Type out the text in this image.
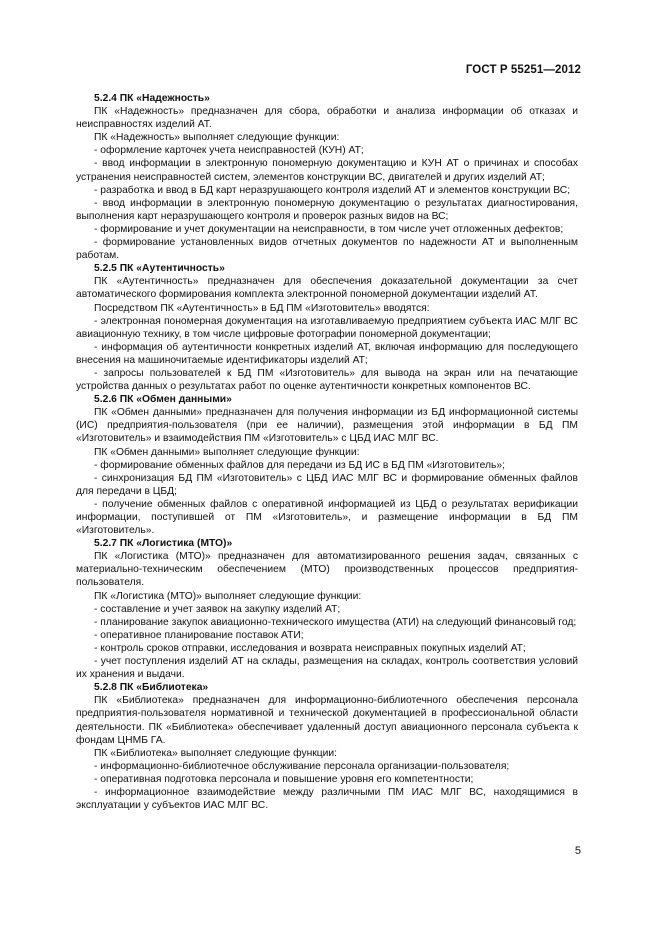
ГОСТ Р 55251—2012
5.2.4 ПК «Надежность»

ПК «Надежность» предназначен для сбора, обработки и анализа информации об отказах и неисправностях изделий АТ.

ПК «Надежность» выполняет следующие функции:

- оформление карточек учета неисправностей (КУН) АТ;

- ввод информации в электронную пономерную документацию и КУН АТ о причинах и способах устранения неисправностей систем, элементов конструкции ВС, двигателей и других изделий АТ;

- разработка и ввод в БД карт неразрушающего контроля изделий АТ и элементов конструкции ВС;

- ввод информации в электронную пономерную документацию о результатах диагностирования, выполнения карт неразрушающего контроля и проверок разных видов на ВС;

- формирование и учет документации на неисправности, в том числе учет отложенных дефектов;

- формирование установленных видов отчетных документов по надежности АТ и выполненным работам.

5.2.5 ПК «Аутентичность»

ПК «Аутентичность» предназначен для обеспечения доказательной документации за счет автоматического формирования комплекта электронной пономерной документации изделий АТ.

Посредством ПК «Аутентичность» в БД ПМ «Изготовитель» вводятся:

- электронная пономерная документация на изготавливаемую предприятием субъекта ИАС МЛГ ВС авиационную технику, в том числе цифровые фотографии пономерной документации;

- информация об аутентичности конкретных изделий АТ, включая информацию для последующего внесения на машиночитаемые идентификаторы изделий АТ;

- запросы пользователей к БД ПМ «Изготовитель» для вывода на экран или на печатающие устройства данных о результатах работ по оценке аутентичности конкретных компонентов ВС.

5.2.6 ПК «Обмен данными»

ПК «Обмен данными» предназначен для получения информации из БД информационной системы (ИС) предприятия-пользователя (при ее наличии), размещения этой информации в БД ПМ «Изготовитель» и взаимодействия ПМ «Изготовитель» с ЦБД ИАС МЛГ ВС.

ПК «Обмен данными» выполняет следующие функции:

- формирование обменных файлов для передачи из БД ИС в БД ПМ «Изготовитель»;

- синхронизация БД ПМ «Изготовитель» с ЦБД ИАС МЛГ ВС и формирование обменных файлов для передачи в ЦБД;

- получение обменных файлов с оперативной информацией из ЦБД о результатах верификации информации, поступившей от ПМ «Изготовитель», и размещение информации в БД ПМ «Изготовитель».

5.2.7 ПК «Логистика (МТО)»

ПК «Логистика (МТО)» предназначен для автоматизированного решения задач, связанных с материально-техническим обеспечением (МТО) производственных процессов предприятия-пользователя.

ПК «Логистика (МТО)» выполняет следующие функции:

- составление и учет заявок на закупку изделий АТ;

- планирование закупок авиационно-технического имущества (АТИ) на следующий финансовый год;

- оперативное планирование поставок АТИ;

- контроль сроков отправки, исследования и возврата неисправных покупных изделий АТ;

- учет поступления изделий АТ на склады, размещения на складах, контроль соответствия условий их хранения и выдачи.

5.2.8 ПК «Библиотека»

ПК «Библиотека» предназначен для информационно-библиотечного обеспечения персонала предприятия-пользователя нормативной и технической документацией в профессиональной области деятельности. ПК «Библиотека» обеспечивает удаленный доступ авиационного персонала субъекта к фондам ЦНМБ ГА.

ПК «Библиотека» выполняет следующие функции:

- информационно-библиотечное обслуживание персонала организации-пользователя;

- оперативная подготовка персонала и повышение уровня его компетентности;

- информационное взаимодействие между различными ПМ ИАС МЛГ ВС, находящимися в эксплуатации у субъектов ИАС МЛГ ВС.

5
